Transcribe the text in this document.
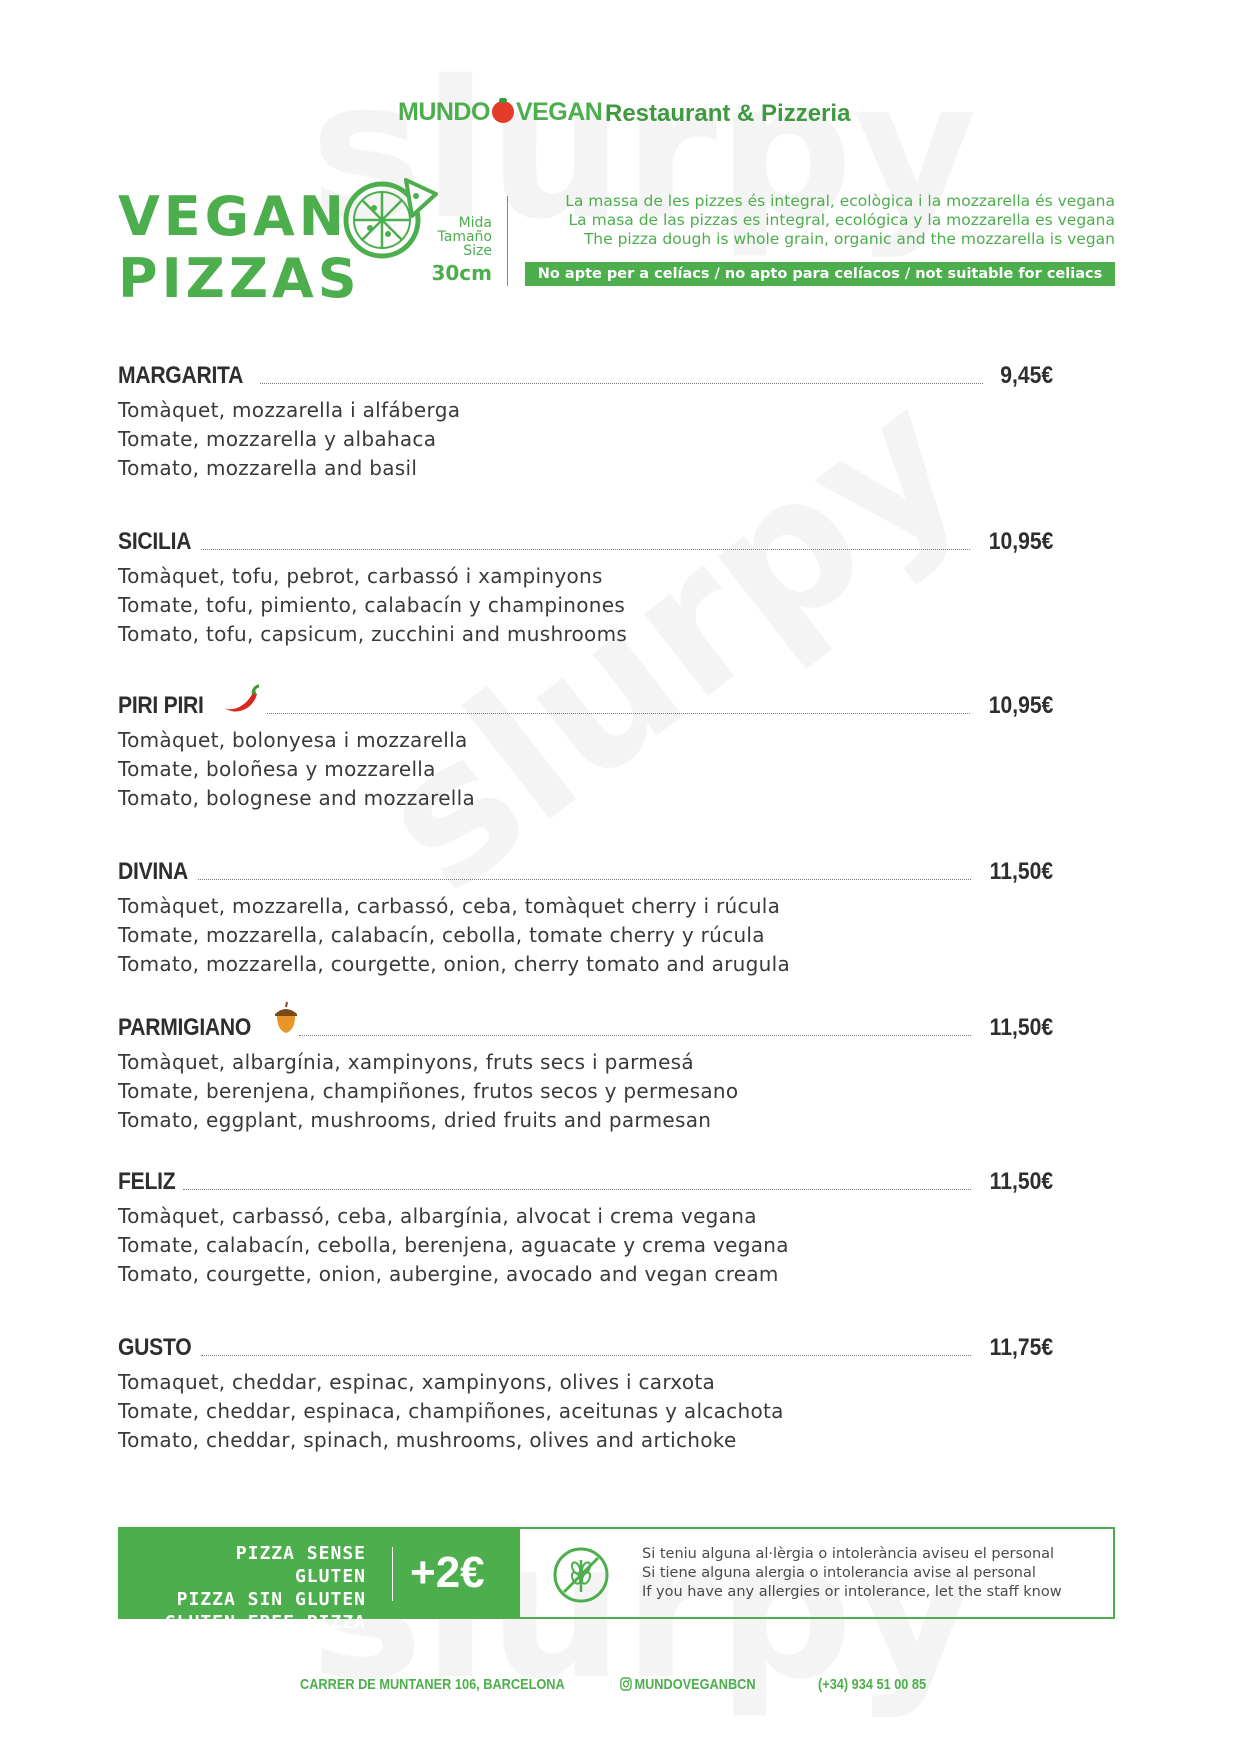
MUNDO VEGAN Restaurant & Pizzeria
VEGAN
PIZZAS
Mida
Tamaño
Size
30cm
La massa de les pizzes és integral, ecològica i la mozzarella és vegana
La masa de las pizzas es integral, ecológica y la mozzarella es vegana
The pizza dough is whole grain, organic and the mozzarella is vegan
No apte per a celíacs / no apto para celíacos / not suitable for celiacs
MARGARITA	9,45€
Tomàquet, mozzarella i alfáberga
Tomate, mozzarella y albahaca
Tomato, mozzarella and basil
SICILIA	10,95€
Tomàquet, tofu, pebrot, carbassó i xampinyons
Tomate, tofu, pimiento, calabacín y champinones
Tomato, tofu, capsicum, zucchini and mushrooms
PIRI PIRI	10,95€
Tomàquet, bolonyesa i mozzarella
Tomate, boloñesa y mozzarella
Tomato, bolognese and mozzarella
DIVINA	11,50€
Tomàquet, mozzarella, carbassó, ceba, tomàquet cherry i rúcula
Tomate, mozzarella, calabacín, cebolla, tomate cherry y rúcula
Tomato, mozzarella, courgette, onion, cherry tomato and arugula
PARMIGIANO	11,50€
Tomàquet, albargínia, xampinyons, fruts secs i parmesá
Tomate, berenjena, champiñones, frutos secos y permesano
Tomato, eggplant, mushrooms, dried fruits and parmesan
FELIZ	11,50€
Tomàquet, carbassó, ceba, albargínia, alvocat i crema vegana
Tomate, calabacín, cebolla, berenjena, aguacate y crema vegana
Tomato, courgette, onion, aubergine, avocado and vegan cream
GUSTO	11,75€
Tomaquet, cheddar, espinac, xampinyons, olives i carxota
Tomate, cheddar, espinaca, champiñones, aceitunas y alcachota
Tomato, cheddar, spinach, mushrooms, olives and artichoke
PIZZA SENSE GLUTEN
PIZZA SIN GLUTEN
GLUTEN FREE PIZZA
+2€	Si teniu alguna al·lèrgia o intolerància aviseu el personal
Si tiene alguna alergia o intolerancia avise al personal
If you have any allergies or intolerance, let the staff know
CARRER DE MUNTANER 106, BARCELONA	MUNDOVEGANBCN	(+34) 934 51 00 85
